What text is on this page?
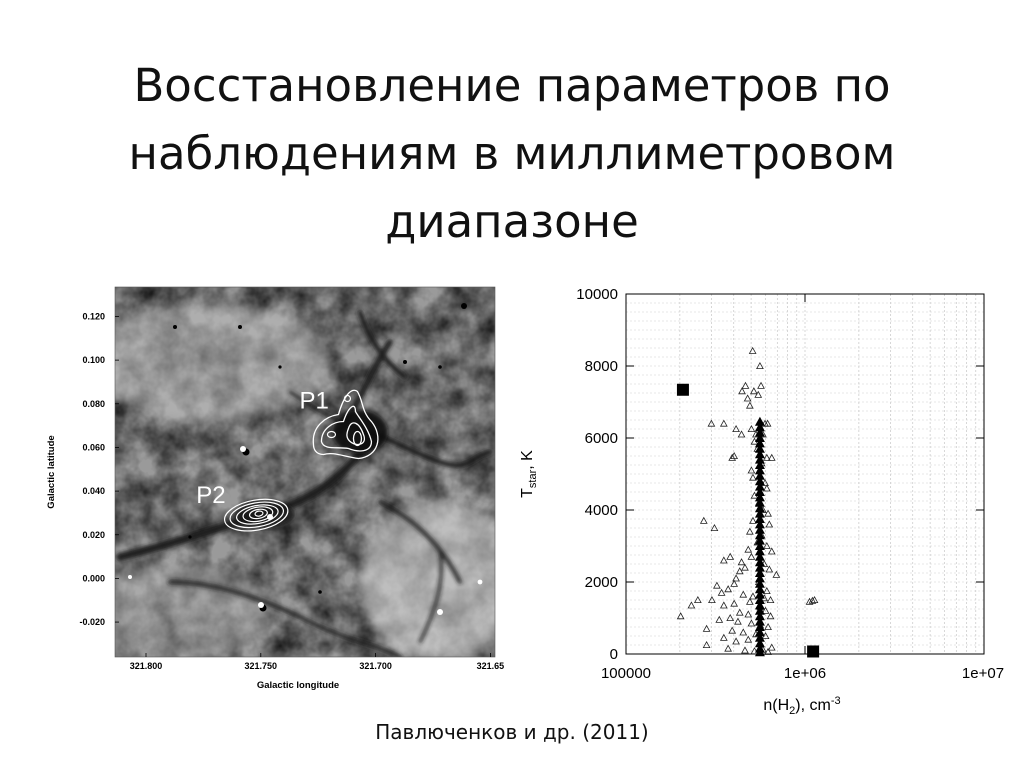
Восстановление параметров по
наблюдениям в миллиметровом
диапазоне
321.800	321.750	321.700	321.65
0.120
0.100
0.080
0.060
0.040
0.020
0.000
-0.020
P1
P2
Galactic longitude
Galactic latitude
100000	1e+06	1e+07
0
2000
4000
6000
8000
10000
$n(H_2)$, $cm^{-3}$
$T_{star}$, K
Павлюченков и др. (2011)
